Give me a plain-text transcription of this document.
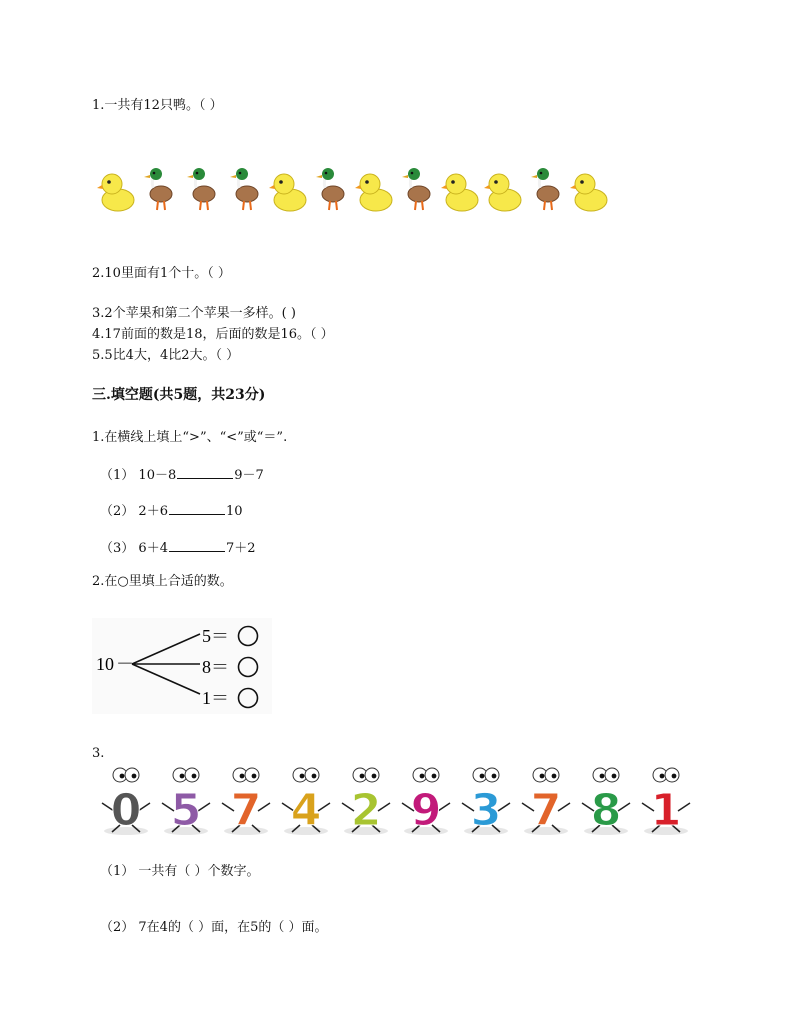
1.一共有12只鸭。（ ）
2.10里面有1个十。（ ）
3.2个苹果和第二个苹果一多样。( )
4.17前面的数是18，后面的数是16。（ ）
5.5比4大，4比2大。（ ）
三.填空题(共5题，共23分)
1.在横线上填上“>”、“<”或“＝”.
（1） 10－8	9－7
（2） 2＋6	10
（3） 6＋4	7＋2
2.在○里填上合适的数。
10 －
5＝
8＝
1＝
3.
0 5 7 4 2 9 3 7 8 1
（1） 一共有（ ）个数字。
（2） 7在4的（ ）面，在5的（ ）面。
